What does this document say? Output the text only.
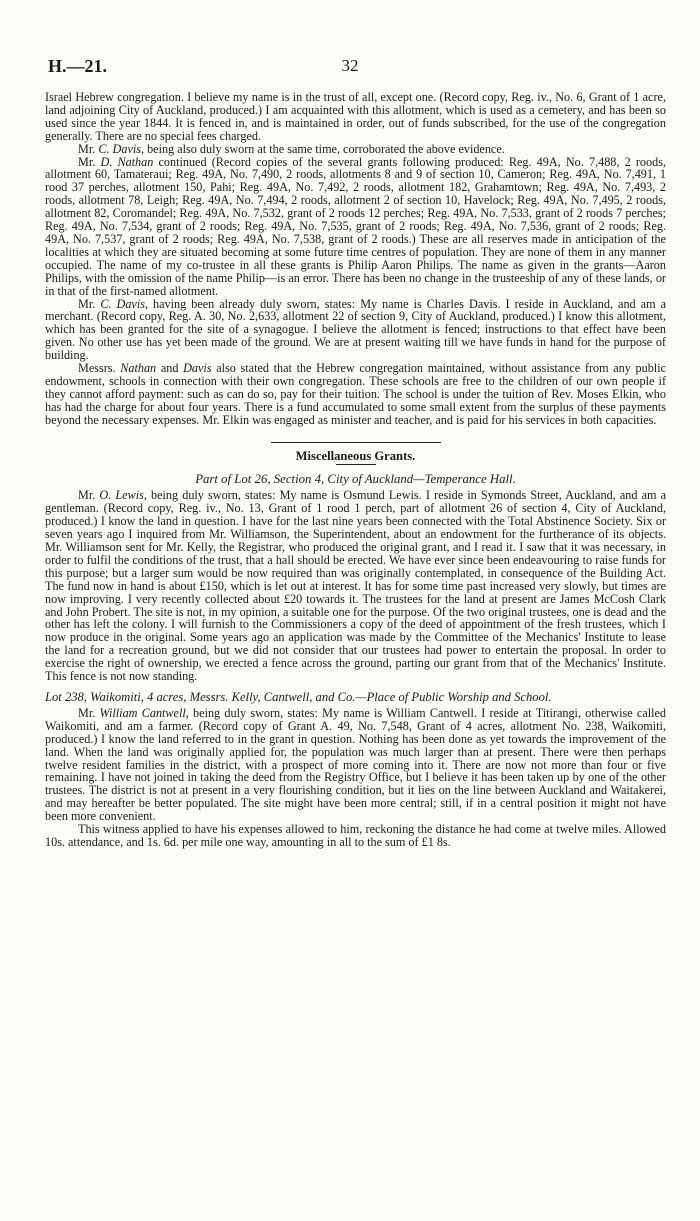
H.—21.	32

Israel Hebrew congregation. I believe my name is in the trust of all, except one. (Record copy, Reg. iv., No. 6, Grant of 1 acre, land adjoining City of Auckland, produced.) I am acquainted with this allotment, which is used as a cemetery, and has been so used since the year 1844. It is fenced in, and is maintained in order, out of funds subscribed, for the use of the congregation generally. There are no special fees charged.

Mr. C. Davis, being also duly sworn at the same time, corroborated the above evidence.

Mr. D. Nathan continued (Record copies of the several grants following produced: Reg. 49A, No. 7,488, 2 roods, allotment 60, Tamateraui; Reg. 49A, No. 7,490, 2 roods, allotments 8 and 9 of section 10, Cameron; Reg. 49A, No. 7,491, 1 rood 37 perches, allotment 150, Pahi; Reg. 49A, No. 7,492, 2 roods, allotment 182, Grahamtown; Reg. 49A, No. 7,493, 2 roods, allotment 78, Leigh; Reg. 49A, No. 7,494, 2 roods, allotment 2 of section 10, Havelock; Reg. 49A, No. 7,495, 2 roods, allotment 82, Coromandel; Reg. 49A, No. 7,532, grant of 2 roods 12 perches; Reg. 49A, No. 7,533, grant of 2 roods 7 perches; Reg. 49A, No. 7,534, grant of 2 roods; Reg. 49A, No. 7,535, grant of 2 roods; Reg. 49A, No. 7,536, grant of 2 roods; Reg. 49A, No. 7,537, grant of 2 roods; Reg. 49A, No. 7,538, grant of 2 roods.) These are all reserves made in anticipation of the localities at which they are situated becoming at some future time centres of population. They are none of them in any manner occupied. The name of my co-trustee in all these grants is Philip Aaron Philips. The name as given in the grants—Aaron Philips, with the omission of the name Philip—is an error. There has been no change in the trusteeship of any of these lands, or in that of the first-named allotment.

Mr. C. Davis, having been already duly sworn, states: My name is Charles Davis. I reside in Auckland, and am a merchant. (Record copy, Reg. A. 30, No. 2,633, allotment 22 of section 9, City of Auckland, produced.) I know this allotment, which has been granted for the site of a synagogue. I believe the allotment is fenced; instructions to that effect have been given. No other use has yet been made of the ground. We are at present waiting till we have funds in hand for the purpose of building.

Messrs. Nathan and Davis also stated that the Hebrew congregation maintained, without assistance from any public endowment, schools in connection with their own congregation. These schools are free to the children of our own people if they cannot afford payment: such as can do so, pay for their tuition. The school is under the tuition of Rev. Moses Elkin, who has had the charge for about four years. There is a fund accumulated to some small extent from the surplus of these payments beyond the necessary expenses. Mr. Elkin was engaged as minister and teacher, and is paid for his services in both capacities.

Miscellaneous Grants.
Part of Lot 26, Section 4, City of Auckland—Temperance Hall.

Mr. O. Lewis, being duly sworn, states: My name is Osmund Lewis. I reside in Symonds Street, Auckland, and am a gentleman. (Record copy, Reg. iv., No. 13, Grant of 1 rood 1 perch, part of allotment 26 of section 4, City of Auckland, produced.) I know the land in question. I have for the last nine years been connected with the Total Abstinence Society. Six or seven years ago I inquired from Mr. Williamson, the Superintendent, about an endowment for the furtherance of its objects. Mr. Williamson sent for Mr. Kelly, the Registrar, who produced the original grant, and I read it. I saw that it was necessary, in order to fulfil the conditions of the trust, that a hall should be erected. We have ever since been endeavouring to raise funds for this purpose; but a larger sum would be now required than was originally contemplated, in consequence of the Building Act. The fund now in hand is about £150, which is let out at interest. It has for some time past increased very slowly, but times are now improving. I very recently collected about £20 towards it. The trustees for the land at present are James McCosh Clark and John Probert. The site is not, in my opinion, a suitable one for the purpose. Of the two original trustees, one is dead and the other has left the colony. I will furnish to the Commissioners a copy of the deed of appointment of the fresh trustees, which I now produce in the original. Some years ago an application was made by the Committee of the Mechanics' Institute to lease the land for a recreation ground, but we did not consider that our trustees had power to entertain the proposal. In order to exercise the right of ownership, we erected a fence across the ground, parting our grant from that of the Mechanics' Institute. This fence is not now standing.

Lot 238, Waikomiti, 4 acres, Messrs. Kelly, Cantwell, and Co.—Place of Public Worship and School.

Mr. William Cantwell, being duly sworn, states: My name is William Cantwell. I reside at Titirangi, otherwise called Waikomiti, and am a farmer. (Record copy of Grant A. 49, No. 7,548, Grant of 4 acres, allotment No. 238, Waikomiti, produced.) I know the land referred to in the grant in question. Nothing has been done as yet towards the improvement of the land. When the land was originally applied for, the population was much larger than at present. There were then perhaps twelve resident families in the district, with a prospect of more coming into it. There are now not more than four or five remaining. I have not joined in taking the deed from the Registry Office, but I believe it has been taken up by one of the other trustees. The district is not at present in a very flourishing condition, but it lies on the line between Auckland and Waitakerei, and may hereafter be better populated. The site might have been more central; still, if in a central position it might not have been more convenient.

This witness applied to have his expenses allowed to him, reckoning the distance he had come at twelve miles. Allowed 10s. attendance, and 1s. 6d. per mile one way, amounting in all to the sum of £1 8s.
